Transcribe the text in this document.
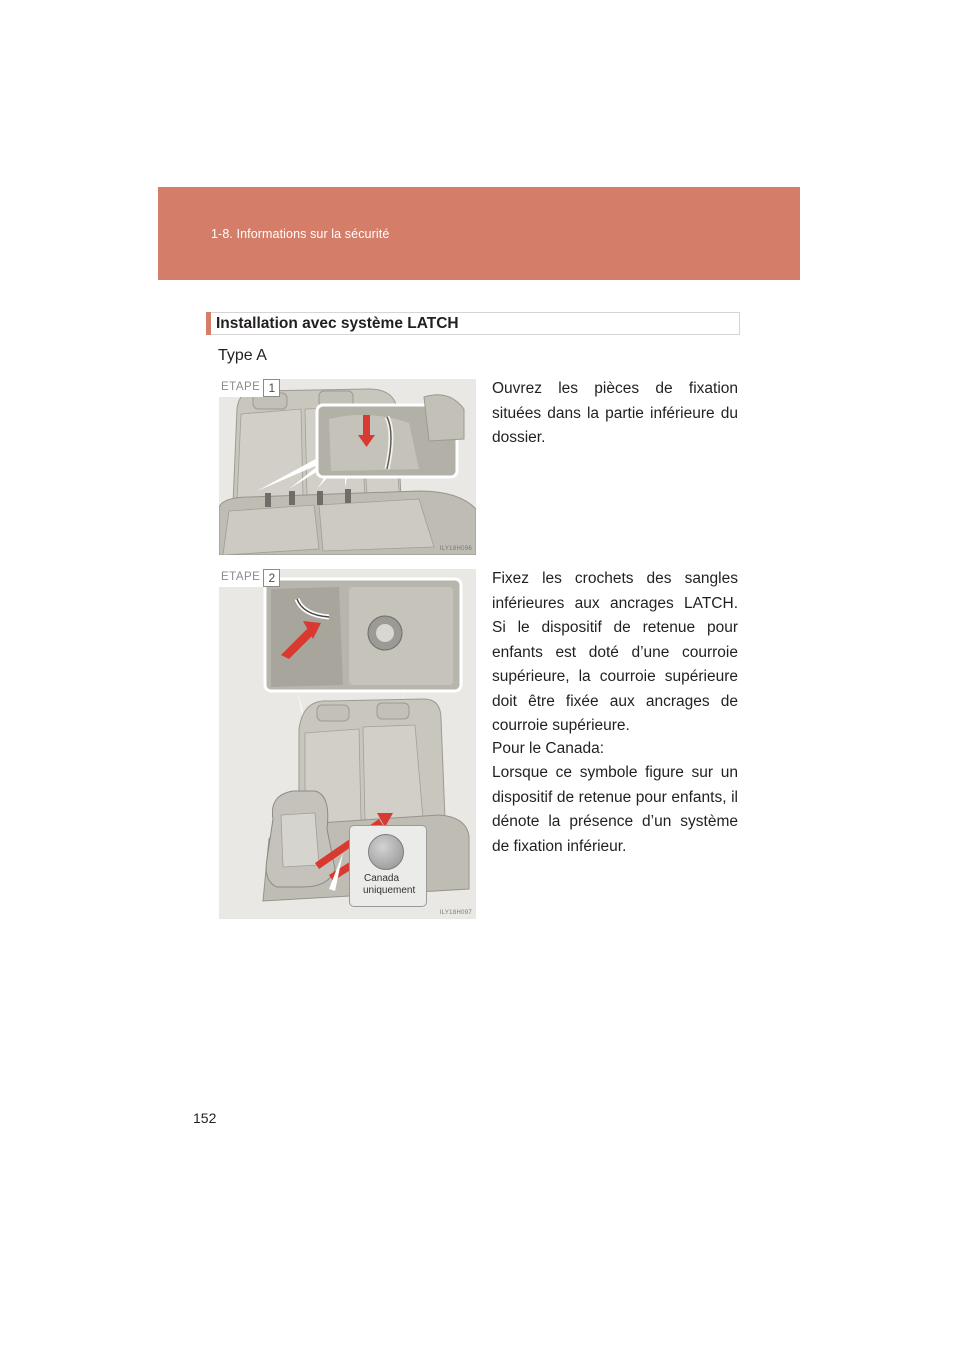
1-8. Informations sur la sécurité
Installation avec système LATCH
Type A
ETAPE 1
ILY18H096
Ouvrez les pièces de fixation situées dans la partie inférieure du dossier.
ETAPE 2
Canada
uniquement
ILY18H097
Fixez les crochets des sangles inférieures aux ancrages LATCH. Si le dispositif de retenue pour enfants est doté d’une courroie supérieure, la courroie supérieure doit être fixée aux ancrages de courroie supérieure.
Pour le Canada:
Lorsque ce symbole figure sur un dispositif de retenue pour enfants, il dénote la présence d’un système de fixation inférieur.
152
